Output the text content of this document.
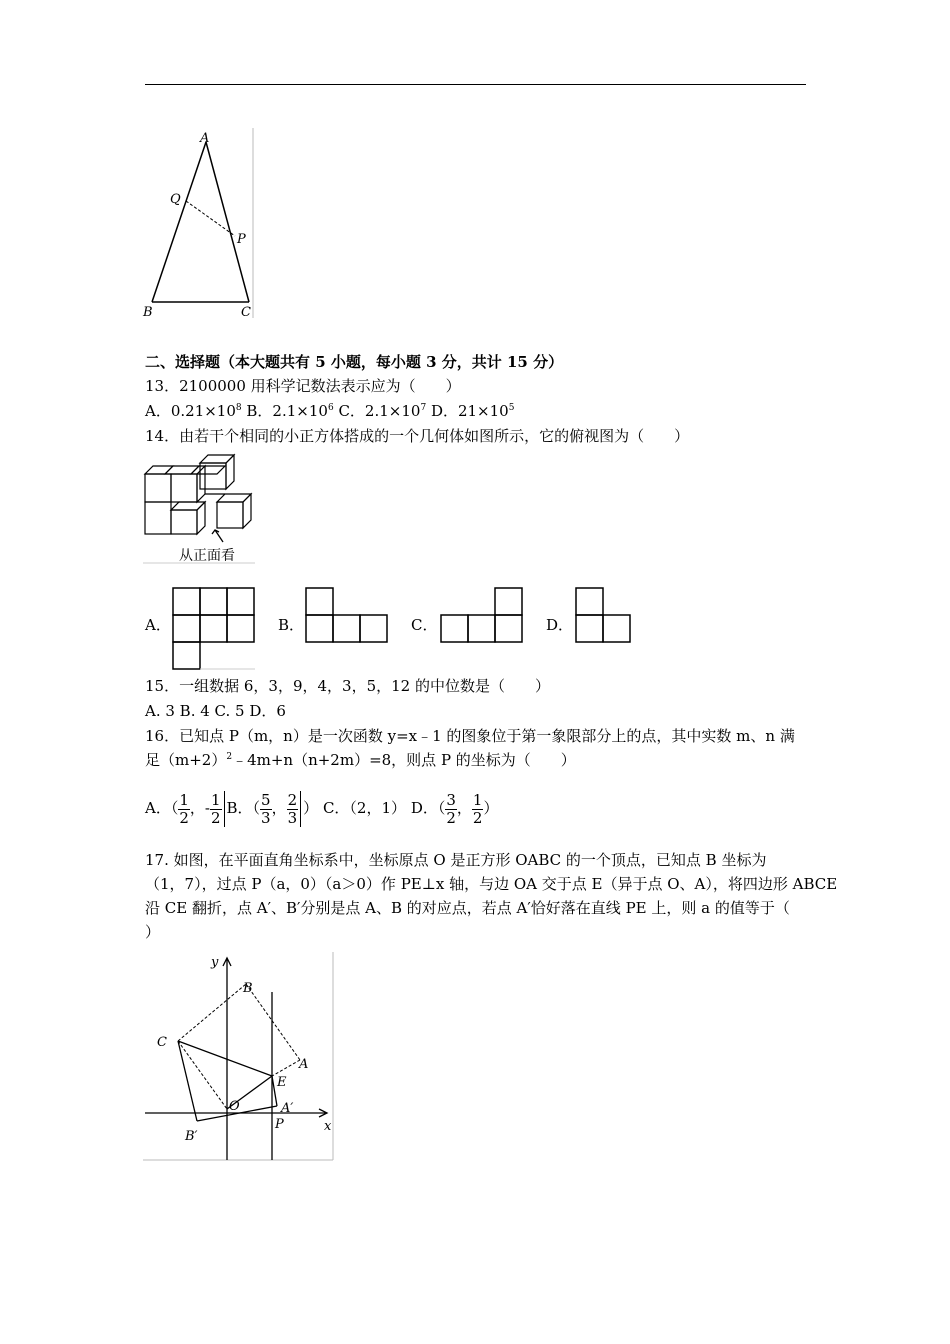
A
Q
P
B	C
二、选择题（本大题共有 5 小题，每小题 3 分，共计 15 分）
13．2100000 用科学记数法表示应为（　　）
A．$0.21\times 10^8$ B．$2.1\times 10^6$ C．$2.1\times 10^7$ D．$21\times 10^5$
14．由若干个相同的小正方体搭成的一个几何体如图所示，它的俯视图为（　　）
从正面看
A．	B．	C．	D．
15．一组数据 6，3，9，4，3，5，12 的中位数是（　　）
A. 3 B. 4 C. 5 D．6
16．已知点 P（m，n）是一次函数 y=x﹣1 的图象位于第一象限部分上的点，其中实数 m、n 满
足$(m+2)^2﹣4m+n(n+2m)=8$，则点 P 的坐标为（　　）
A．（ $\frac{1}{2}$ ，- $\frac{1}{2}$ B．（ $\frac{5}{3}$ ， $\frac{2}{3}$ ） C．（2，1） D．（ $\frac{3}{2}$ ， $\frac{1}{2}$ ）
17. 如图，在平面直角坐标系中，坐标原点 O 是正方形 OABC 的一个顶点，已知点 B 坐标为
（1，7），过点 P（a，0）（a＞0）作 PE⊥x 轴，与边 OA 交于点 E（异于点 O、A），将四边形 ABCE
沿 CE 翻折，点 A′、B′分别是点 A、B 的对应点，若点 A′恰好落在直线 PE 上，则 a 的值等于（
）
y
x
B
C
A
E
O	A′
P
B′
